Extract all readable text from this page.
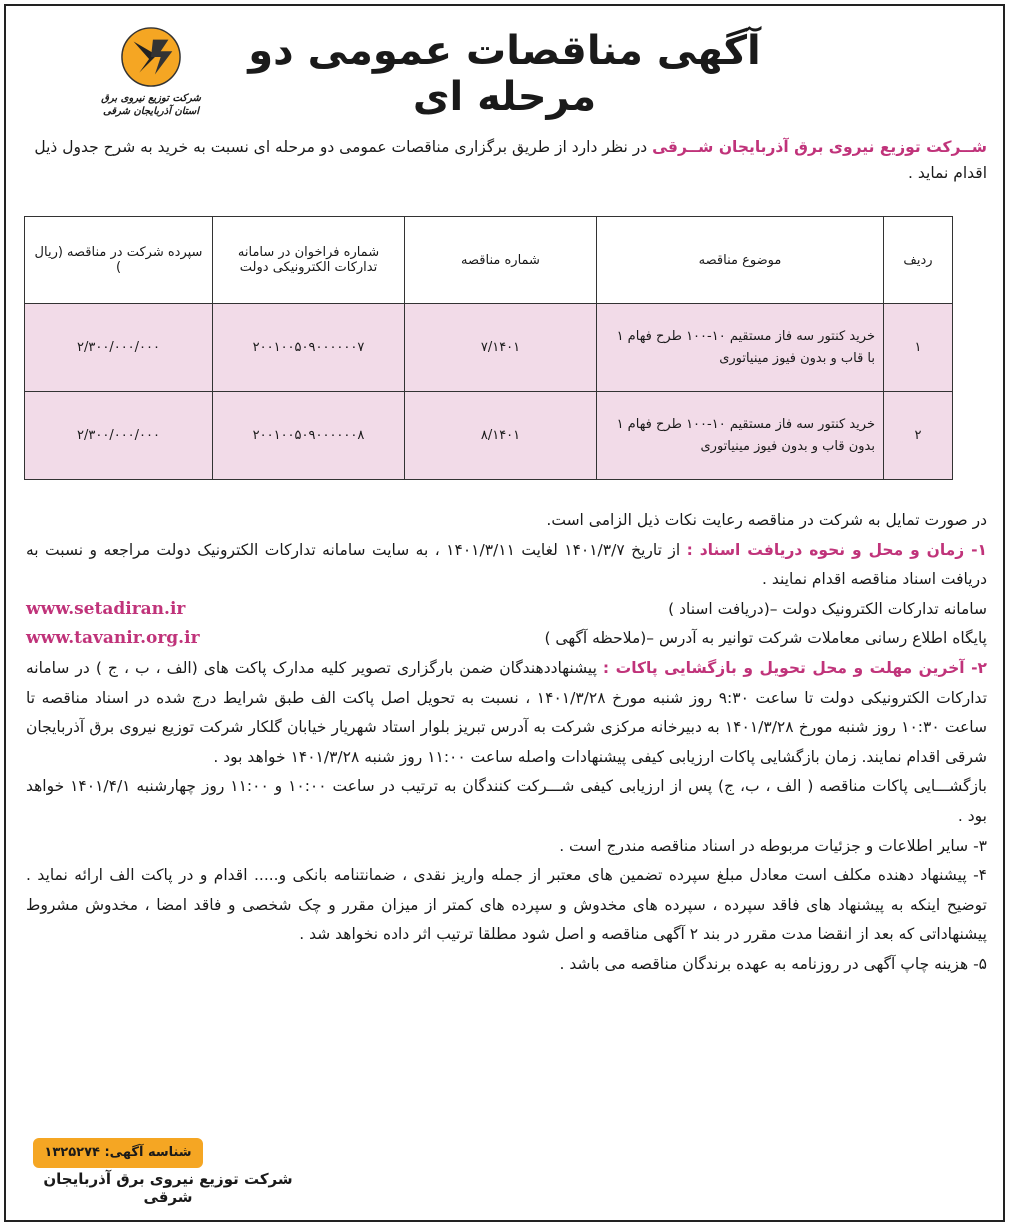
آگهی مناقصات عمومی دو مرحله ای
شرکت توزیع نیروی برق
استان آذربایجان شرقی
شــرکت توزیع نیروی برق آذربایجان شــرقی در نظر دارد از طریق برگزاری مناقصات عمومی دو مرحله ای نسبت به خرید به شرح جدول ذیل اقدام نماید .
ردیف	موضوع مناقصه	شماره مناقصه	شماره فراخوان در سامانه تدارکات الکترونیکی دولت	سپرده شرکت در مناقصه (ریال )
۱	خرید کنتور سه فاز مستقیم ۱۰-۱۰۰ طرح فهام ۱ با قاب و بدون فیوز مینیاتوری	۷/۱۴۰۱	۲۰۰۱۰۰۵۰۹۰۰۰۰۰۰۷	۲/۳۰۰/۰۰۰/۰۰۰
۲	خرید کنتور سه فاز مستقیم ۱۰-۱۰۰ طرح فهام ۱ بدون قاب و بدون فیوز مینیاتوری	۸/۱۴۰۱	۲۰۰۱۰۰۵۰۹۰۰۰۰۰۰۸	۲/۳۰۰/۰۰۰/۰۰۰

در صورت تمایل به شرکت در مناقصه رعایت نکات ذیل الزامی است.

۱- زمان و محل و نحوه دریافت اسناد : از تاریخ ۱۴۰۱/۳/۷ لغایت ۱۴۰۱/۳/۱۱ ، به سایت سامانه تدارکات الکترونیک دولت مراجعه و نسبت به دریافت اسناد مناقصه اقدام نمایند .

سامانه تدارکات الکترونیک دولت –(دریافت اسناد )
www.setadiran.ir
پایگاه اطلاع رسانی معاملات شرکت توانیر به آدرس –(ملاحظه آگهی )
www.tavanir.org.ir

۲- آخرین مهلت و محل تحویل و بازگشایی پاکات : پیشنهاددهندگان ضمن بارگزاری تصویر کلیه مدارک پاکت های (الف ، ب ، ج ) در سامانه تدارکات الکترونیکی دولت تا ساعت ۹:۳۰ روز شنبه مورخ ۱۴۰۱/۳/۲۸ ، نسبت به تحویل اصل پاکت الف طبق شرایط درج شده در اسناد مناقصه تا ساعت ۱۰:۳۰ روز شنبه مورخ ۱۴۰۱/۳/۲۸ به دبیرخانه مرکزی شرکت به آدرس تبریز بلوار استاد شهریار خیابان گلکار شرکت توزیع نیروی برق آذربایجان شرقی اقدام نمایند. زمان بازگشایی پاکات ارزیابی کیفی پیشنهادات واصله ساعت ۱۱:۰۰ روز شنبه ۱۴۰۱/۳/۲۸ خواهد بود .

بازگشـــایی پاکات مناقصه ( الف ، ب، ج) پس از ارزیابی کیفی شـــرکت کنندگان به ترتیب در ساعت ۱۰:۰۰ و ۱۱:۰۰ روز چهارشنبه ۱۴۰۱/۴/۱ خواهد بود .

۳- سایر اطلاعات و جزئیات مربوطه در اسناد مناقصه مندرج است .

۴- پیشنهاد دهنده مکلف است معادل مبلغ سپرده تضمین های معتبر از جمله واریز نقدی ، ضمانتنامه بانکی و..... اقدام و در پاکت الف ارائه نماید . توضیح اینکه به پیشنهاد های فاقد سپرده ، سپرده های مخدوش و سپرده های کمتر از میزان مقرر و چک شخصی و فاقد امضا ، مخدوش مشروط پیشنهاداتی که بعد از انقضا مدت مقرر در بند ۲ آگهی مناقصه و اصل شود مطلقا ترتیب اثر داده نخواهد شد .

۵- هزینه چاپ آگهی در روزنامه به عهده برندگان مناقصه می باشد .

شناسه آگهی: ۱۳۲۵۲۷۴
شرکت توزیع نیروی برق آذربایجان شرقی
